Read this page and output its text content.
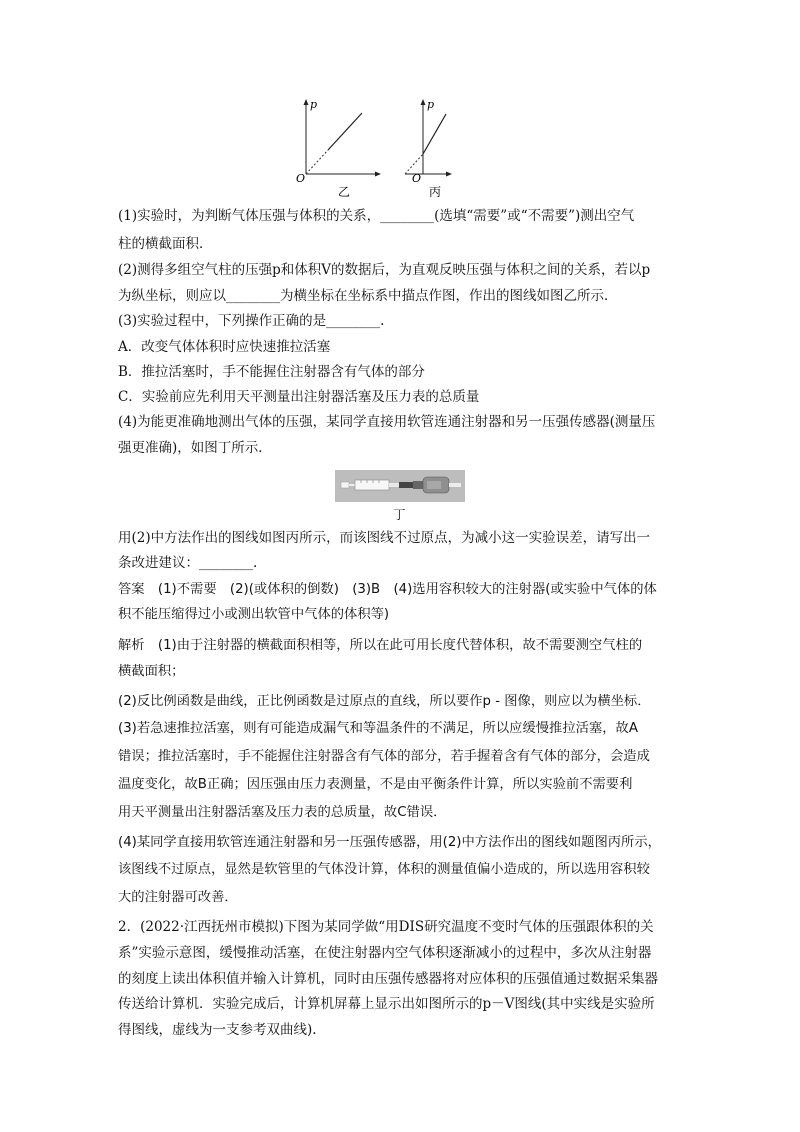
p
O
乙
p
O
丙
(1)实验时，为判断气体压强与体积的关系，________(选填“需要”或“不需要”)测出空气
柱的横截面积．
(2)测得多组空气柱的压强p和体积V的数据后，为直观反映压强与体积之间的关系，若以p
为纵坐标，则应以________为横坐标在坐标系中描点作图，作出的图线如图乙所示．
(3)实验过程中，下列操作正确的是________.
A．改变气体体积时应快速推拉活塞
B．推拉活塞时，手不能握住注射器含有气体的部分
C．实验前应先利用天平测量出注射器活塞及压力表的总质量
(4)为能更准确地测出气体的压强，某同学直接用软管连通注射器和另一压强传感器(测量压
强更准确)，如图丁所示．
丁
用(2)中方法作出的图线如图丙所示，而该图线不过原点，为减小这一实验误差，请写出一
条改进建议：________.
答案　(1)不需要　(2)(或体积的倒数)　(3)B　(4)选用容积较大的注射器(或实验中气体的体
积不能压缩得过小或测出软管中气体的体积等)
解析　(1)由于注射器的横截面积相等，所以在此可用长度代替体积，故不需要测空气柱的
横截面积；
(2)反比例函数是曲线，正比例函数是过原点的直线，所以要作p - 图像，则应以为横坐标．
(3)若急速推拉活塞，则有可能造成漏气和等温条件的不满足，所以应缓慢推拉活塞，故A
错误；推拉活塞时，手不能握住注射器含有气体的部分，若手握着含有气体的部分，会造成
温度变化，故B正确；因压强由压力表测量，不是由平衡条件计算，所以实验前不需要利
用天平测量出注射器活塞及压力表的总质量，故C错误．
(4)某同学直接用软管连通注射器和另一压强传感器，用(2)中方法作出的图线如题图丙所示，
该图线不过原点，显然是软管里的气体没计算，体积的测量值偏小造成的，所以选用容积较
大的注射器可改善．
2．(2022·江西抚州市模拟)下图为某同学做“用DIS研究温度不变时气体的压强跟体积的关
系”实验示意图，缓慢推动活塞，在使注射器内空气体积逐渐减小的过程中，多次从注射器
的刻度上读出体积值并输入计算机，同时由压强传感器将对应体积的压强值通过数据采集器
传送给计算机．实验完成后，计算机屏幕上显示出如图所示的p－V图线(其中实线是实验所
得图线，虚线为一支参考双曲线).
